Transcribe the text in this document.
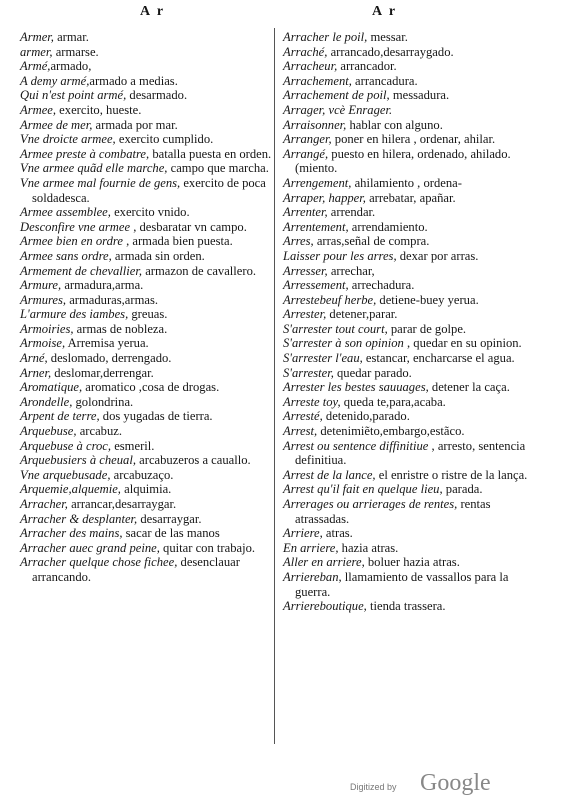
A r	A r

Armer, armar.

armer, armarse.

Armé,armado,

A demy armé,armado a medias.

Qui n'est point armé, desarmado.

Armee, exercito, hueste.

Armee de mer, armada por mar.

Vne droicte armee, exercito cumplido.

Armee preste à combatre, batalla puesta en orden.

Vne armee quãd elle marche, campo que marcha.

Vne armee mal fournie de gens, exercito de poca soldadesca.

Armee assemblee, exercito vnido.

Desconfire vne armee , desbaratar vn campo.

Armee bien en ordre , armada bien puesta.

Armee sans ordre, armada sin orden.

Armement de chevallier, armazon de cavallero.

Armure, armadura,arma.

Armures, armaduras,armas.

L'armure des iambes, greuas.

Armoiries, armas de nobleza.

Armoise, Arremisa yerua.

Arné, deslomado, derrengado.

Arner, deslomar,derrengar.

Aromatique, aromatico ,cosa de drogas.

Arondelle, golondrina.

Arpent de terre, dos yugadas de tierra.

Arquebuse, arcabuz.

Arquebuse à croc, esmeril.

Arquebusiers à cheual, arcabuzeros a cauallo.

Vne arquebusade, arcabuzaço.

Arquemie,alquemie, alquimia.

Arracher, arrancar,desarraygar.

Arracher & desplanter, desarraygar.

Arracher des mains, sacar de las manos

Arracher auec grand peine, quitar con trabajo.

Arracher quelque chose fichee, desenclauar arrancando.

Arracher le poil, messar.

Arraché, arrancado,desarraygado.

Arracheur, arrancador.

Arrachement, arrancadura.

Arrachement de poil, messadura.

Arrager, vcè Enrager.

Arraisonner, hablar con alguno.

Arranger, poner en hilera , ordenar, ahilar.

Arrangé, puesto en hilera, ordenado, ahilado. (miento.

Arrengement, ahilamiento , ordena-

Arraper, happer, arrebatar, apañar.

Arrenter, arrendar.

Arrentement, arrendamiento.

Arres, arras,señal de compra.

Laisser pour les arres, dexar por arras.

Arresser, arrechar,

Arressement, arrechadura.

Arrestebeuf herbe, detiene-buey yerua.

Arrester, detener,parar.

S'arrester tout court, parar de golpe.

S'arrester à son opinion , quedar en su opinion.

S'arrester l'eau, estancar, encharcarse el agua.

S'arrester, quedar parado.

Arrester les bestes sauuages, detener la caça.

Arreste toy, queda te,para,acaba.

Arresté, detenido,parado.

Arrest, detenimiẽto,embargo,estãco.

Arrest ou sentence diffinitiue , arresto, sentencia definitiua.

Arrest de la lance, el enristre o ristre de la lança.

Arrest qu'il fait en quelque lieu, parada.

Arrerages ou arrierages de rentes, rentas atrassadas.

Arriere, atras.

En arriere, hazia atras.

Aller en arriere, boluer hazia atras.

Arriereban, llamamiento de vassallos para la guerra.

Arriereboutique, tienda trassera.

Digitized by Google
